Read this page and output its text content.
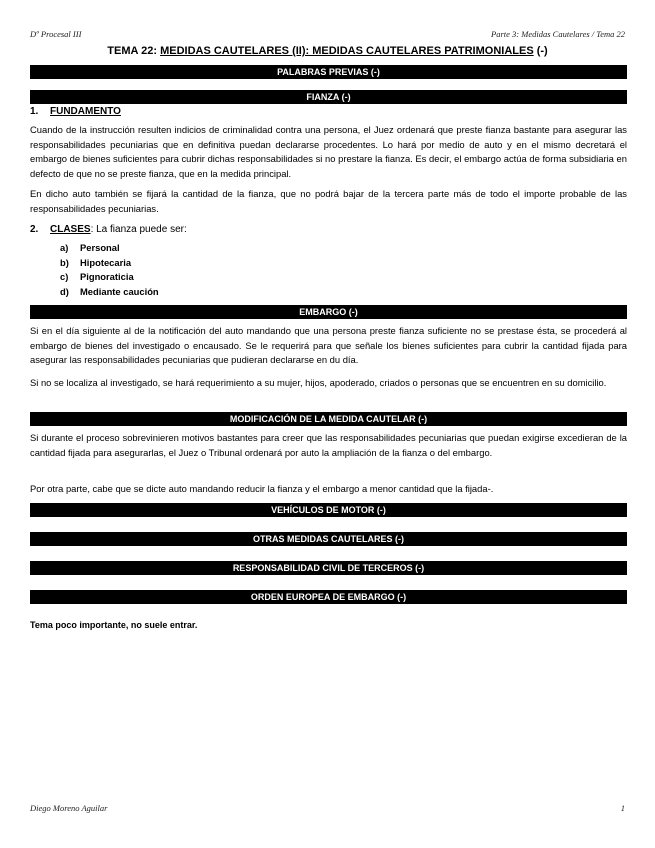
Dº Procesal III	Parte 3: Medidas Cautelares / Tema 22
TEMA 22: MEDIDAS CAUTELARES (II): MEDIDAS CAUTELARES PATRIMONIALES (-)
PALABRAS PREVIAS (-)
FIANZA (-)
1. FUNDAMENTO
Cuando de la instrucción resulten indicios de criminalidad contra una persona, el Juez ordenará que preste fianza bastante para asegurar las responsabilidades pecuniarias que en definitiva puedan declararse procedentes. Lo hará por medio de auto y en el mismo decretará el embargo de bienes suficientes para cubrir dichas responsabilidades si no prestare la fianza. Es decir, el embargo actúa de forma subsidiaria en defecto de que no se preste fianza, que en la medida principal.
En dicho auto también se fijará la cantidad de la fianza, que no podrá bajar de la tercera parte más de todo el importe probable de las responsabilidades pecuniarias.
2. CLASES: La fianza puede ser:
a) Personal
b) Hipotecaria
c) Pignoraticia
d) Mediante caución
EMBARGO (-)
Si en el día siguiente al de la notificación del auto mandando que una persona preste fianza suficiente no se prestase ésta, se procederá al embargo de bienes del investigado o encausado. Se le requerirá para que señale los bienes suficientes para cubrir la cantidad fijada para asegurar las responsabilidades pecuniarias que pudieran declararse en du día.
Si no se localiza al investigado, se hará requerimiento a su mujer, hijos, apoderado, criados o personas que se encuentren en su domicilio.
MODIFICACIÓN DE LA MEDIDA CAUTELAR (-)
Si durante el proceso sobrevinieren motivos bastantes para creer que las responsabilidades pecuniarias que puedan exigirse excedieran de la cantidad fijada para asegurarlas, el Juez o Tribunal ordenará por auto la ampliación de la fianza o del embargo.
Por otra parte, cabe que se dicte auto mandando reducir la fianza y el embargo a menor cantidad que la fijada-.
VEHÍCULOS DE MOTOR (-)
OTRAS MEDIDAS CAUTELARES (-)
RESPONSABILIDAD CIVIL DE TERCEROS (-)
ORDEN EUROPEA DE EMBARGO (-)
Tema poco importante, no suele entrar.
Diego Moreno Aguilar	1
